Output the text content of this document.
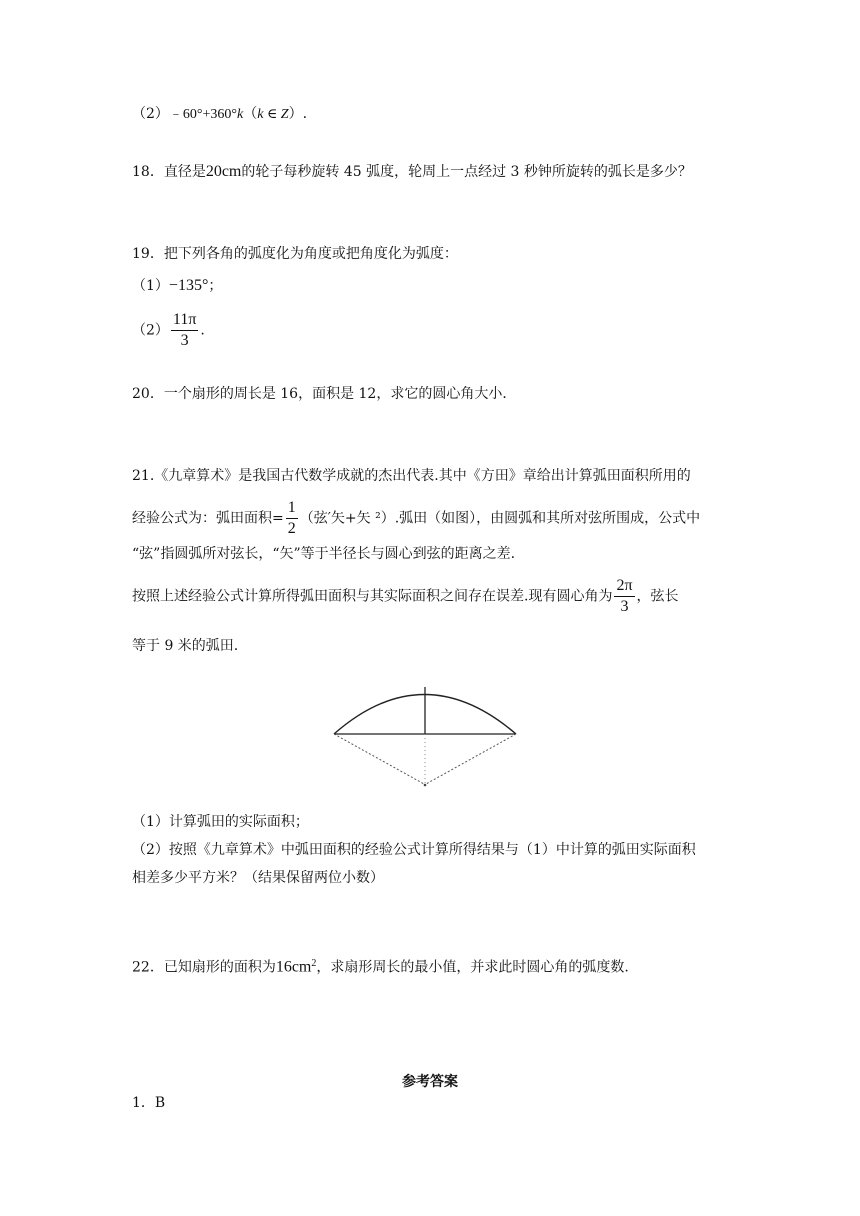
（2）﹣60°+360°k（k ∈ Z）.
18．直径是20cm的轮子每秒旋转 45 弧度，轮周上一点经过 3 秒钟所旋转的弧长是多少？
19．把下列各角的弧度化为角度或把角度化为弧度：
（1）−135°；
$(2) \frac{11\pi}{3}$ .
20．一个扇形的周长是 16，面积是 12，求它的圆心角大小．
21.《九章算术》是我国古代数学成就的杰出代表.其中《方田》章给出计算弧田面积所用的
经验公式为：弧田面积= $\frac{1}{2}$ （弦′矢+矢 ²）.弧田（如图），由圆弧和其所对弦所围成，公式中
“弦”指圆弧所对弦长，“矢”等于半径长与圆心到弦的距离之差.
按照上述经验公式计算所得弧田面积与其实际面积之间存在误差.现有圆心角为 $\frac{2\pi}{3}$ ，弦长
等于 9 米的弧田.
（1）计算弧田的实际面积；
（2）按照《九章算术》中弧田面积的经验公式计算所得结果与（1）中计算的弧田实际面积
相差多少平方米？（结果保留两位小数）
22．已知扇形的面积为$16cm^2$，求扇形周长的最小值，并求此时圆心角的弧度数.
参考答案
1．B
